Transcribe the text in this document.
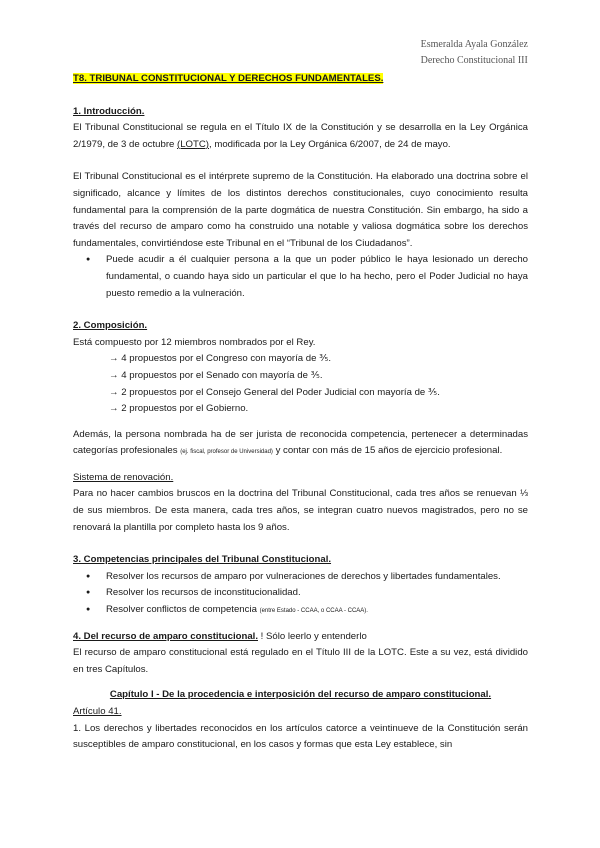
Esmeralda Ayala González
Derecho Constitucional III

T8. TRIBUNAL CONSTITUCIONAL Y DERECHOS FUNDAMENTALES.

1. Introducción.

El Tribunal Constitucional se regula en el Título IX de la Constitución y se desarrolla en la Ley Orgánica 2/1979, de 3 de octubre (LOTC), modificada por la Ley Orgánica 6/2007, de 24 de mayo.

El Tribunal Constitucional es el intérprete supremo de la Constitución. Ha elaborado una doctrina sobre el significado, alcance y límites de los distintos derechos constitucionales, cuyo conocimiento resulta fundamental para la comprensión de la parte dogmática de nuestra Constitución. Sin embargo, ha sido a través del recurso de amparo como ha construido una notable y valiosa dogmática sobre los derechos fundamentales, convirtiéndose este Tribunal en el “Tribunal de los Ciudadanos”.

● Puede acudir a él cualquier persona a la que un poder público le haya lesionado un derecho fundamental, o cuando haya sido un particular el que lo ha hecho, pero el Poder Judicial no haya puesto remedio a la vulneración.

2. Composición.

Está compuesto por 12 miembros nombrados por el Rey.

→ 4 propuestos por el Congreso con mayoría de ⅗.
→ 4 propuestos por el Senado con mayoría de ⅗.
→ 2 propuestos por el Consejo General del Poder Judicial con mayoría de ⅗.
→ 2 propuestos por el Gobierno.

Además, la persona nombrada ha de ser jurista de reconocida competencia, pertenecer a determinadas categorías profesionales (ej. fiscal, profesor de Universidad) y contar con más de 15 años de ejercicio profesional.

Sistema de renovación.

Para no hacer cambios bruscos en la doctrina del Tribunal Constitucional, cada tres años se renuevan ⅓ de sus miembros. De esta manera, cada tres años, se integran cuatro nuevos magistrados, pero no se renovará la plantilla por completo hasta los 9 años.

3. Competencias principales del Tribunal Constitucional.

● Resolver los recursos de amparo por vulneraciones de derechos y libertades fundamentales.
● Resolver los recursos de inconstitucionalidad.
● Resolver conflictos de competencia (entre Estado - CCAA, o CCAA - CCAA).

4. Del recurso de amparo constitucional. ! Sólo leerlo y entenderlo

El recurso de amparo constitucional está regulado en el Título III de la LOTC. Este a su vez, está dividido en tres Capítulos.

Capítulo I - De la procedencia e interposición del recurso de amparo constitucional.

Artículo 41.

1. Los derechos y libertades reconocidos en los artículos catorce a veintinueve de la Constitución serán susceptibles de amparo constitucional, en los casos y formas que esta Ley establece, sin
